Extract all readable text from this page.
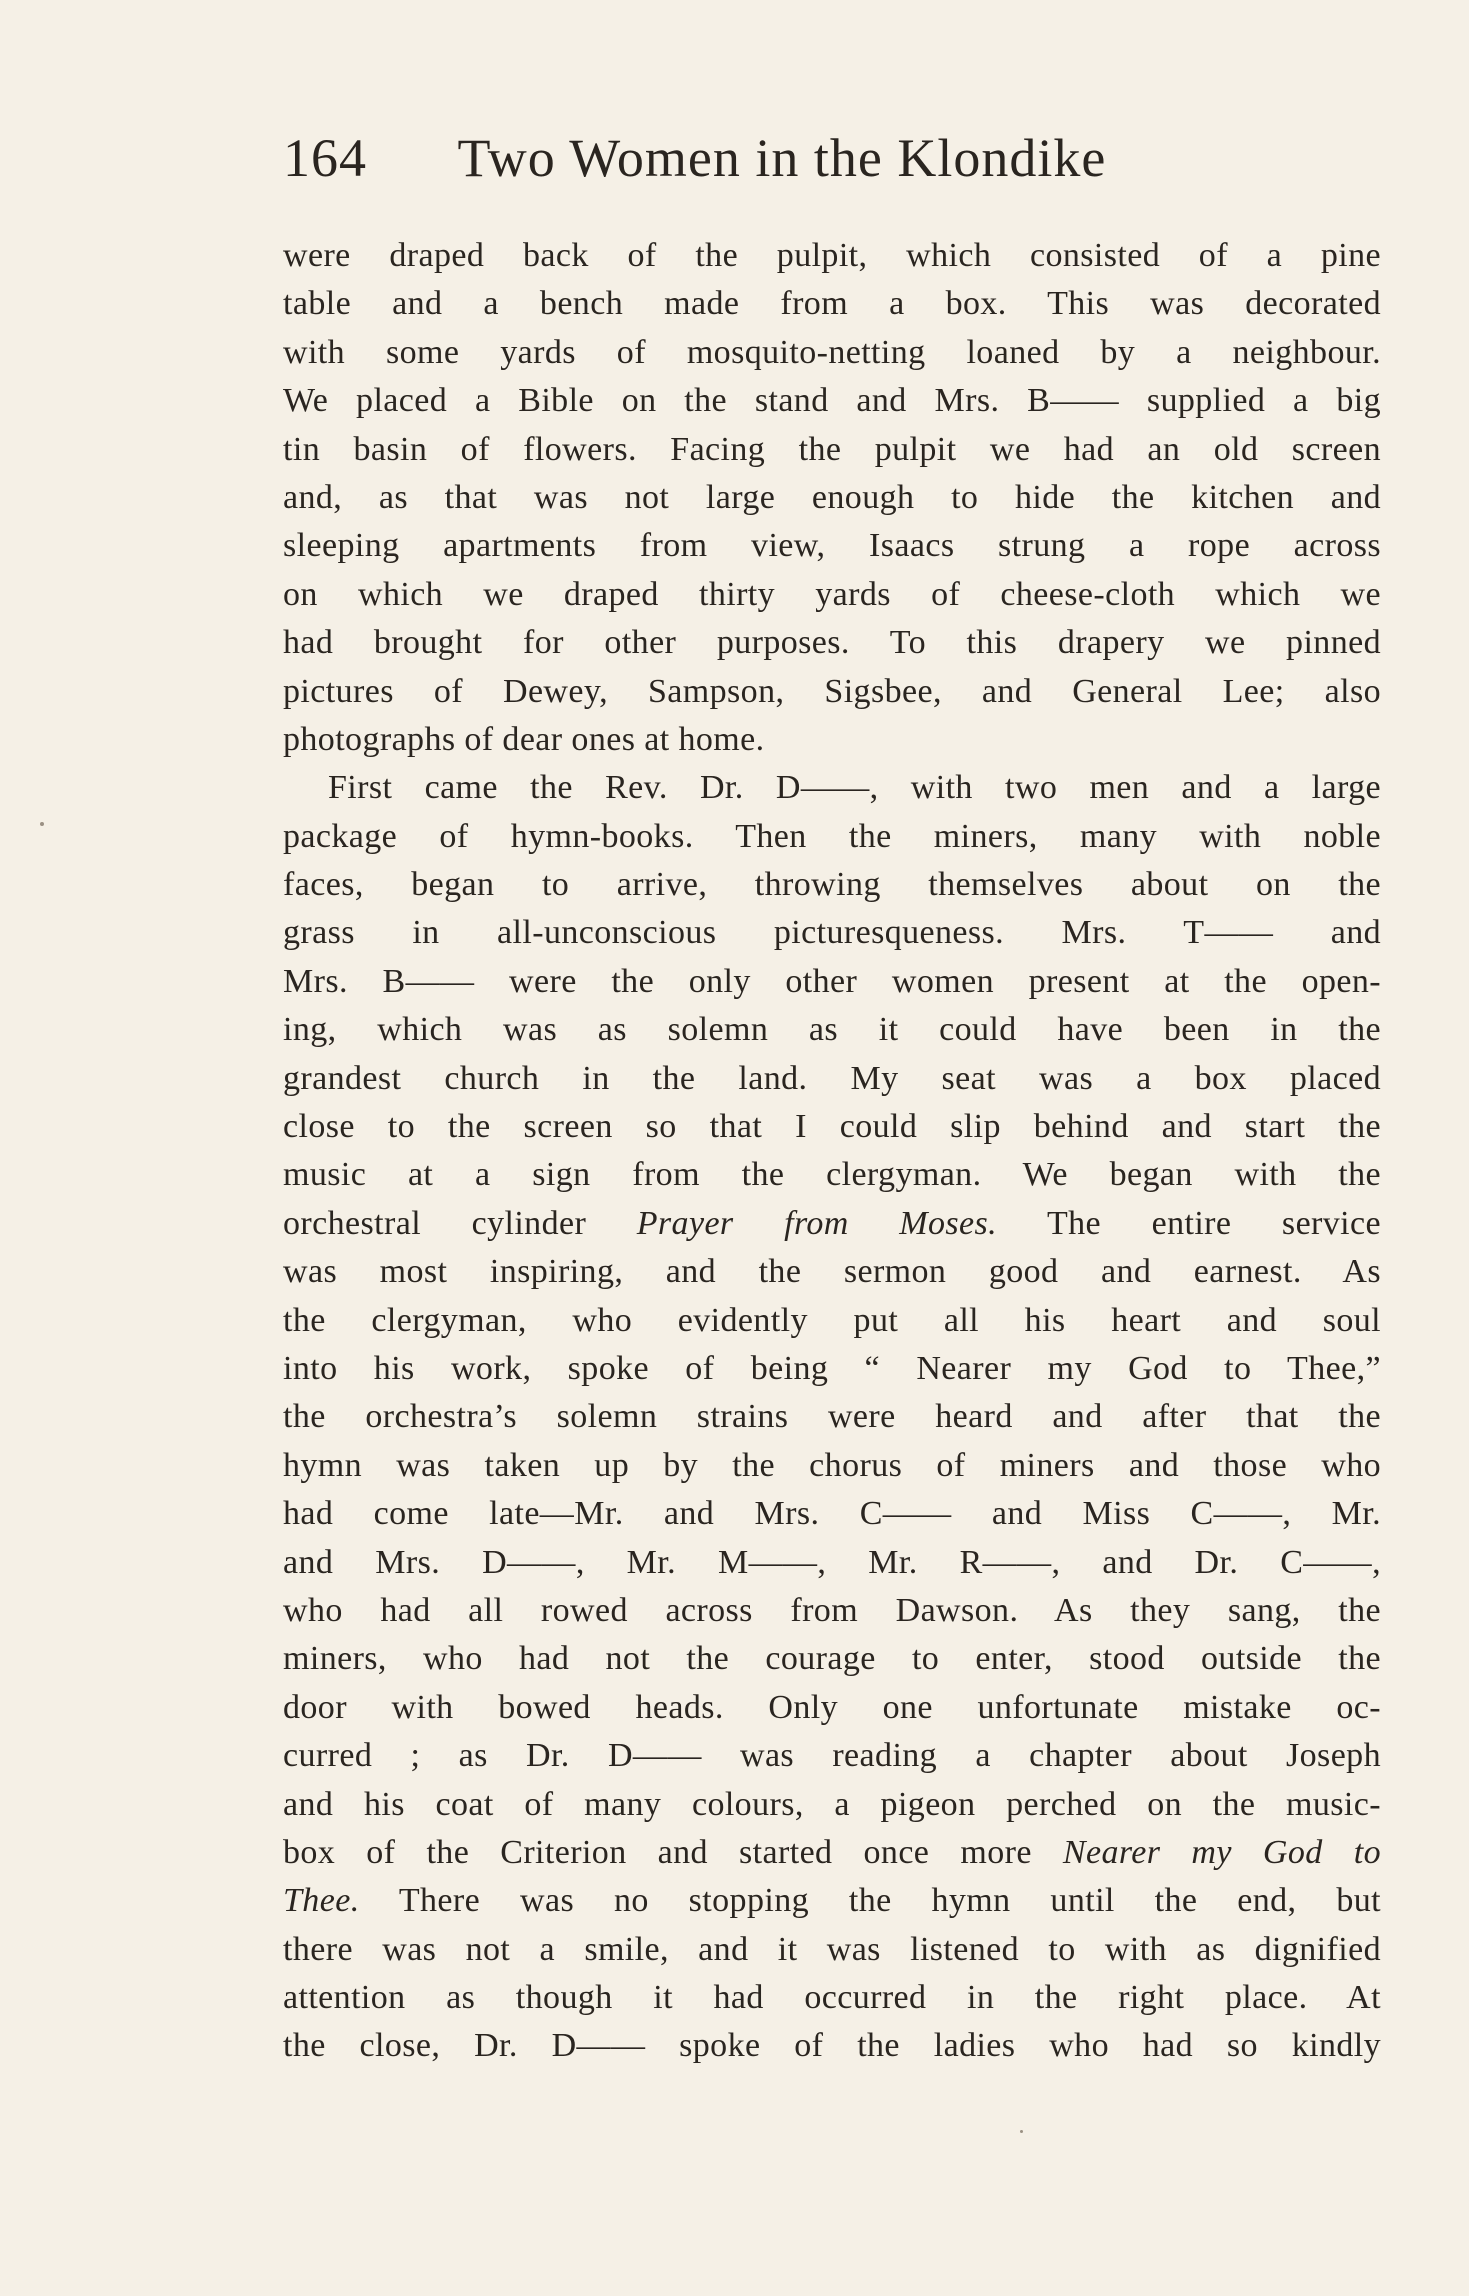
164 Two Women in the Klondike
were draped back of the pulpit, which consisted of a pine
table and a bench made from a box. This was decorated
with some yards of mosquito-netting loaned by a neighbour.
We placed a Bible on the stand and Mrs. B—— supplied a big
tin basin of flowers. Facing the pulpit we had an old screen
and, as that was not large enough to hide the kitchen and
sleeping apartments from view, Isaacs strung a rope across
on which we draped thirty yards of cheese-cloth which we
had brought for other purposes. To this drapery we pinned
pictures of Dewey, Sampson, Sigsbee, and General Lee; also
photographs of dear ones at home.
First came the Rev. Dr. D——, with two men and a large
package of hymn-books. Then the miners, many with noble
faces, began to arrive, throwing themselves about on the
grass in all-unconscious picturesqueness. Mrs. T—— and
Mrs. B—— were the only other women present at the open-
ing, which was as solemn as it could have been in the
grandest church in the land. My seat was a box placed
close to the screen so that I could slip behind and start the
music at a sign from the clergyman. We began with the
orchestral cylinder Prayer from Moses. The entire service
was most inspiring, and the sermon good and earnest. As
the clergyman, who evidently put all his heart and soul
into his work, spoke of being “ Nearer my God to Thee,”
the orchestra’s solemn strains were heard and after that the
hymn was taken up by the chorus of miners and those who
had come late—Mr. and Mrs. C—— and Miss C——, Mr.
and Mrs. D——, Mr. M——, Mr. R——, and Dr. C——,
who had all rowed across from Dawson. As they sang, the
miners, who had not the courage to enter, stood outside the
door with bowed heads. Only one unfortunate mistake oc-
curred ; as Dr. D—— was reading a chapter about Joseph
and his coat of many colours, a pigeon perched on the music-
box of the Criterion and started once more Nearer my God to
Thee. There was no stopping the hymn until the end, but
there was not a smile, and it was listened to with as dignified
attention as though it had occurred in the right place. At
the close, Dr. D—— spoke of the ladies who had so kindly
